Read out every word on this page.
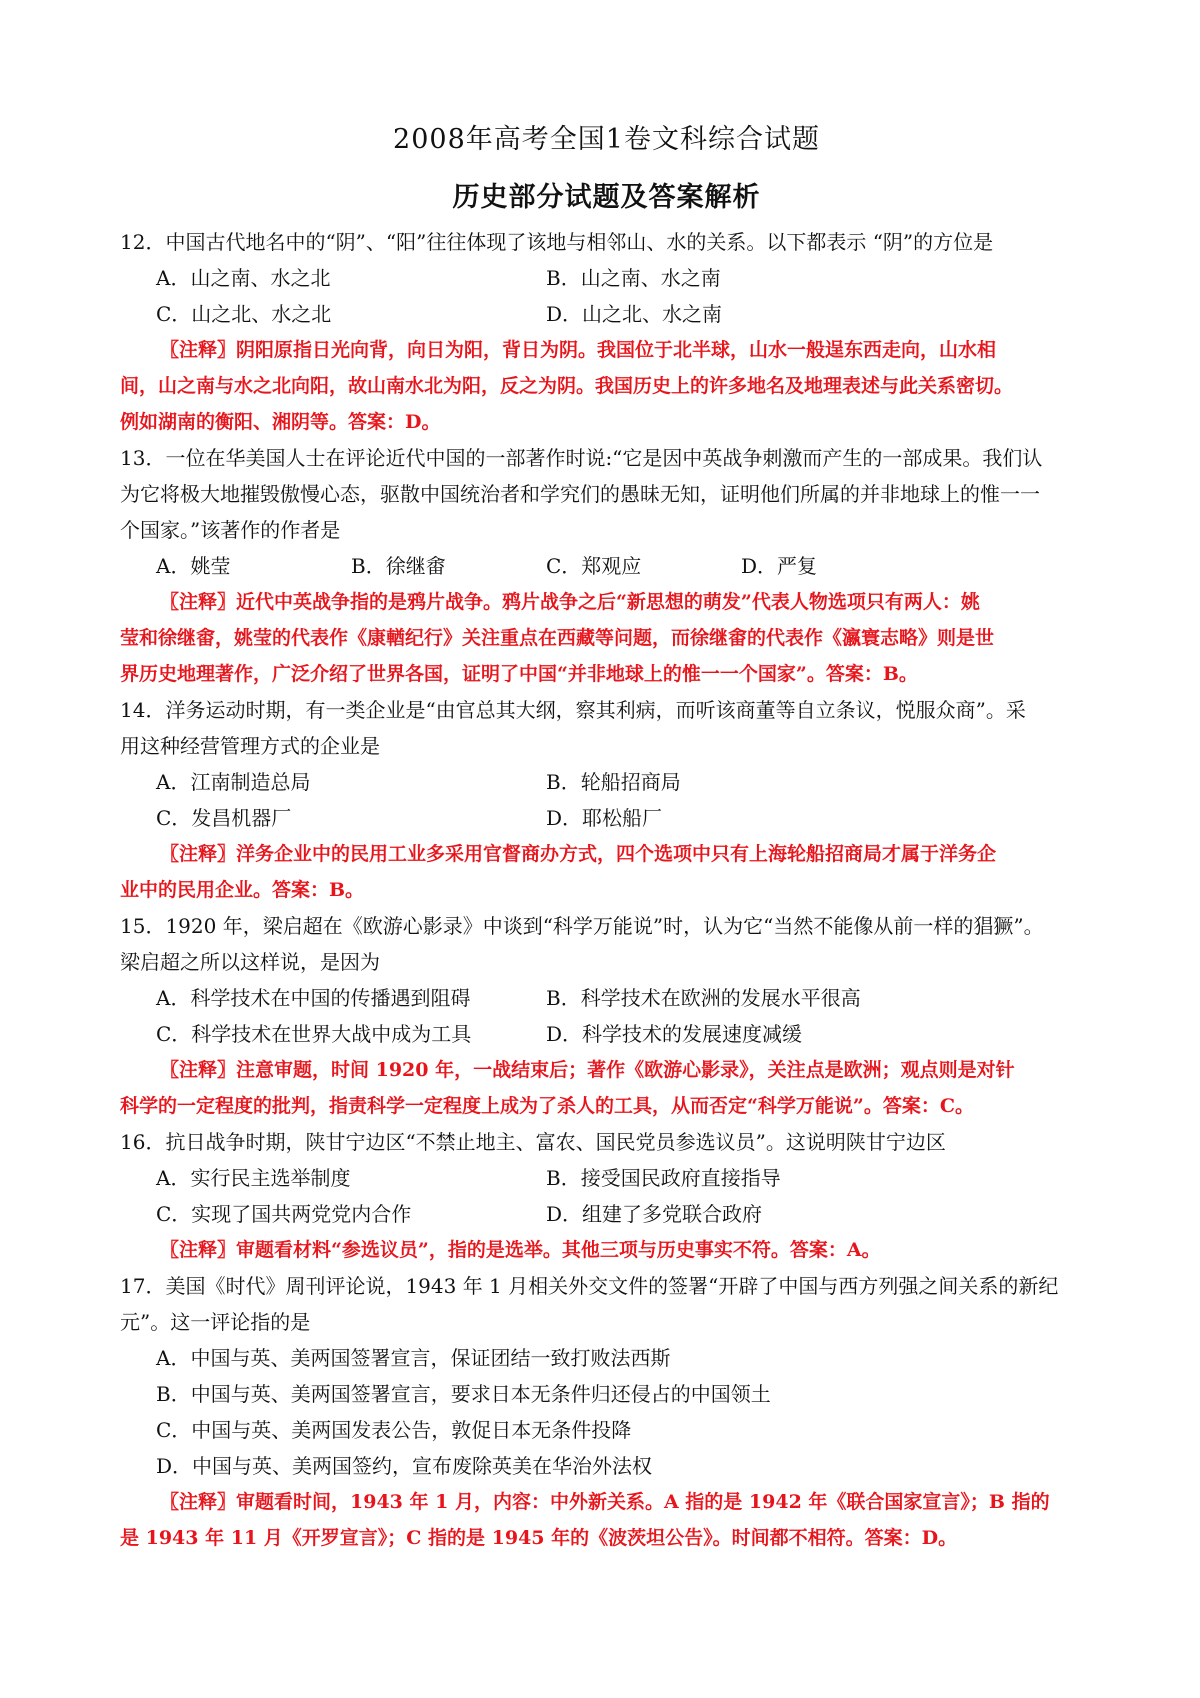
2008年高考全国1卷文科综合试题
历史部分试题及答案解析
12．中国古代地名中的“阴”、“阳”往往体现了该地与相邻山、水的关系。以下都表示 “阴”的方位是
A．山之南、水之北	B．山之南、水之南
C．山之北、水之北	D．山之北、水之南
〖注释〗阴阳原指日光向背，向日为阳，背日为阴。我国位于北半球，山水一般逞东西走向，山水相
间，山之南与水之北向阳，故山南水北为阳，反之为阴。我国历史上的许多地名及地理表述与此关系密切。
例如湖南的衡阳、湘阴等。答案：D。
13．一位在华美国人士在评论近代中国的一部著作时说:“它是因中英战争刺激而产生的一部成果。我们认
为它将极大地摧毁傲慢心态，驱散中国统治者和学究们的愚昧无知，证明他们所属的并非地球上的惟一一
个国家。”该著作的作者是
A．姚莹	B．徐继畬	C．郑观应	D．严复
〖注释〗近代中英战争指的是鸦片战争。鸦片战争之后“新思想的萌发”代表人物选项只有两人：姚
莹和徐继畬，姚莹的代表作《康輶纪行》关注重点在西藏等问题，而徐继畬的代表作《瀛寰志略》则是世
界历史地理著作，广泛介绍了世界各国，证明了中国“并非地球上的惟一一个国家”。答案：B。
14．洋务运动时期，有一类企业是“由官总其大纲，察其利病，而听该商董等自立条议，悦服众商”。采
用这种经营管理方式的企业是
A．江南制造总局	B．轮船招商局
C．发昌机器厂	D．耶松船厂
〖注释〗洋务企业中的民用工业多采用官督商办方式，四个选项中只有上海轮船招商局才属于洋务企
业中的民用企业。答案：B。
15．1920 年，梁启超在《欧游心影录》中谈到“科学万能说”时，认为它“当然不能像从前一样的猖獗”。
梁启超之所以这样说，是因为
A．科学技术在中国的传播遇到阻碍	B．科学技术在欧洲的发展水平很高
C．科学技术在世界大战中成为工具	D．科学技术的发展速度减缓
〖注释〗注意审题，时间 1920 年，一战结束后；著作《欧游心影录》，关注点是欧洲；观点则是对针
科学的一定程度的批判，指责科学一定程度上成为了杀人的工具，从而否定“科学万能说”。答案：C。
16．抗日战争时期，陕甘宁边区“不禁止地主、富农、国民党员参选议员”。这说明陕甘宁边区
A．实行民主选举制度	B．接受国民政府直接指导
C．实现了国共两党党内合作	D．组建了多党联合政府
〖注释〗审题看材料“参选议员”，指的是选举。其他三项与历史事实不符。答案：A。
17．美国《时代》周刊评论说，1943 年 1 月相关外交文件的签署“开辟了中国与西方列强之间关系的新纪
元”。这一评论指的是
A．中国与英、美两国签署宣言，保证团结一致打败法西斯
B．中国与英、美两国签署宣言，要求日本无条件归还侵占的中国领土
C．中国与英、美两国发表公告，敦促日本无条件投降
D．中国与英、美两国签约，宣布废除英美在华治外法权
〖注释〗审题看时间，1943 年 1 月，内容：中外新关系。A 指的是 1942 年《联合国家宣言》；B 指的
是 1943 年 11 月《开罗宣言》；C 指的是 1945 年的《波茨坦公告》。时间都不相符。答案：D。
